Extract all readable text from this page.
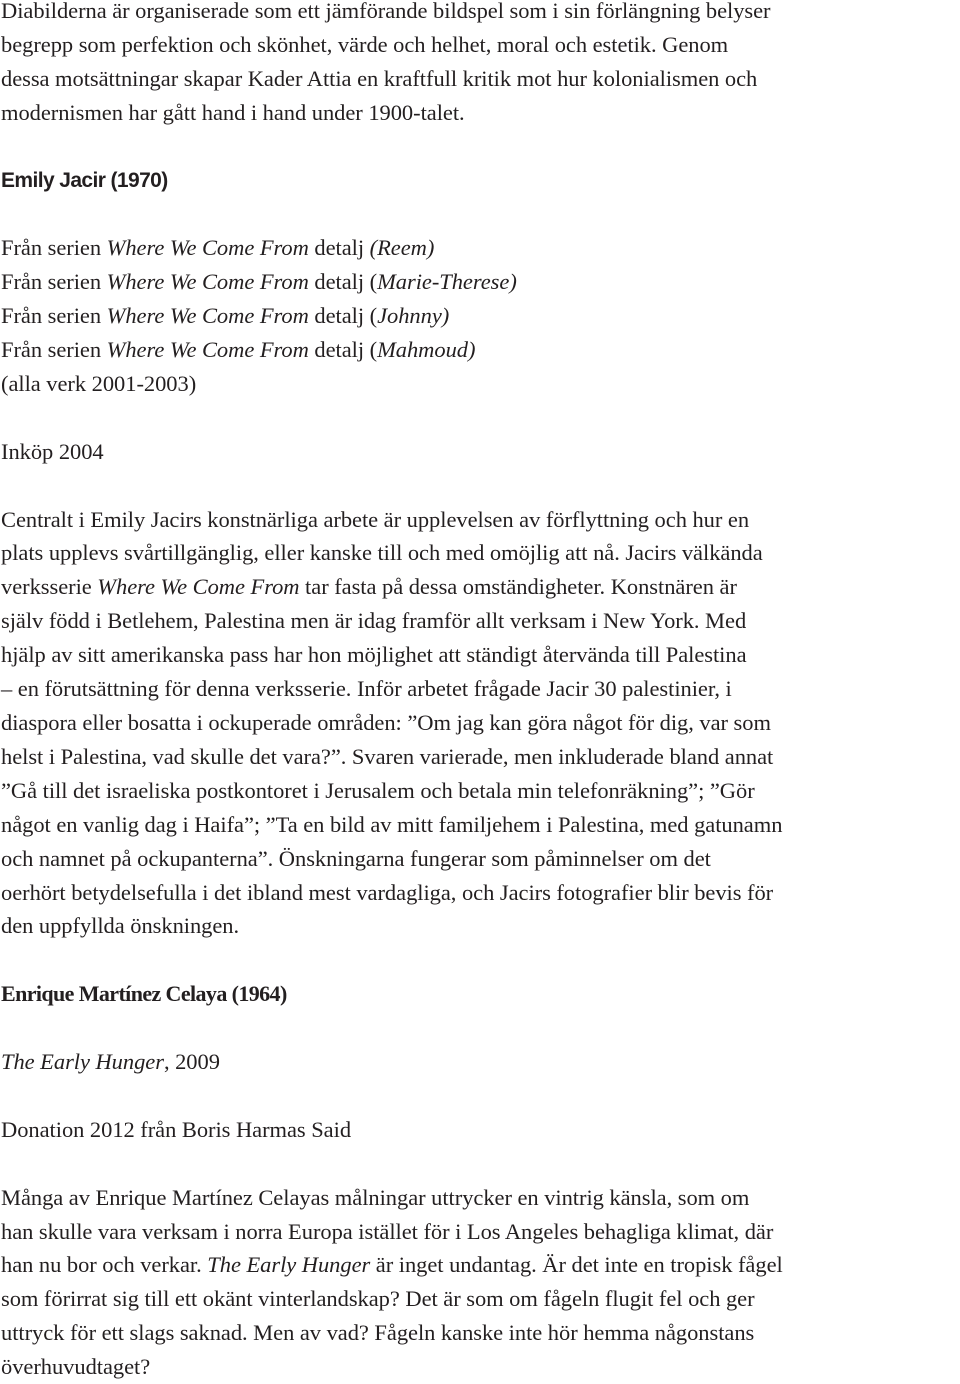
Diabilderna är organiserade som ett jämförande bildspel som i sin förlängning belyser
begrepp som perfektion och skönhet, värde och helhet, moral och estetik. Genom
dessa motsättningar skapar Kader Attia en kraftfull kritik mot hur kolonialismen och
modernismen har gått hand i hand under 1900-talet.

Emily Jacir (1970)

Från serien Where We Come From detalj (Reem)
Från serien Where We Come From detalj (Marie-Therese)
Från serien Where We Come From detalj (Johnny)
Från serien Where We Come From detalj (Mahmoud)
(alla verk 2001-2003)

Inköp 2004

Centralt i Emily Jacirs konstnärliga arbete är upplevelsen av förflyttning och hur en
plats upplevs svårtillgänglig, eller kanske till och med omöjlig att nå. Jacirs välkända
verksserie Where We Come From tar fasta på dessa omständigheter. Konstnären är
själv född i Betlehem, Palestina men är idag framför allt verksam i New York. Med
hjälp av sitt amerikanska pass har hon möjlighet att ständigt återvända till Palestina
– en förutsättning för denna verksserie. Inför arbetet frågade Jacir 30 palestinier, i
diaspora eller bosatta i ockuperade områden: ”Om jag kan göra något för dig, var som
helst i Palestina, vad skulle det vara?”. Svaren varierade, men inkluderade bland annat
”Gå till det israeliska postkontoret i Jerusalem och betala min telefonräkning”; ”Gör
något en vanlig dag i Haifa”; ”Ta en bild av mitt familjehem i Palestina, med gatunamn
och namnet på ockupanterna”. Önskningarna fungerar som påminnelser om det
oerhört betydelsefulla i det ibland mest vardagliga, och Jacirs fotografier blir bevis för
den uppfyllda önskningen.

Enrique Martínez Celaya (1964)

The Early Hunger, 2009

Donation 2012 från Boris Harmas Said

Många av Enrique Martínez Celayas målningar uttrycker en vintrig känsla, som om
han skulle vara verksam i norra Europa istället för i Los Angeles behagliga klimat, där
han nu bor och verkar. The Early Hunger är inget undantag. Är det inte en tropisk fågel
som förirrat sig till ett okänt vinterlandskap? Det är som om fågeln flugit fel och ger
uttryck för ett slags saknad. Men av vad? Fågeln kanske inte hör hemma någonstans
överhuvudtaget?
